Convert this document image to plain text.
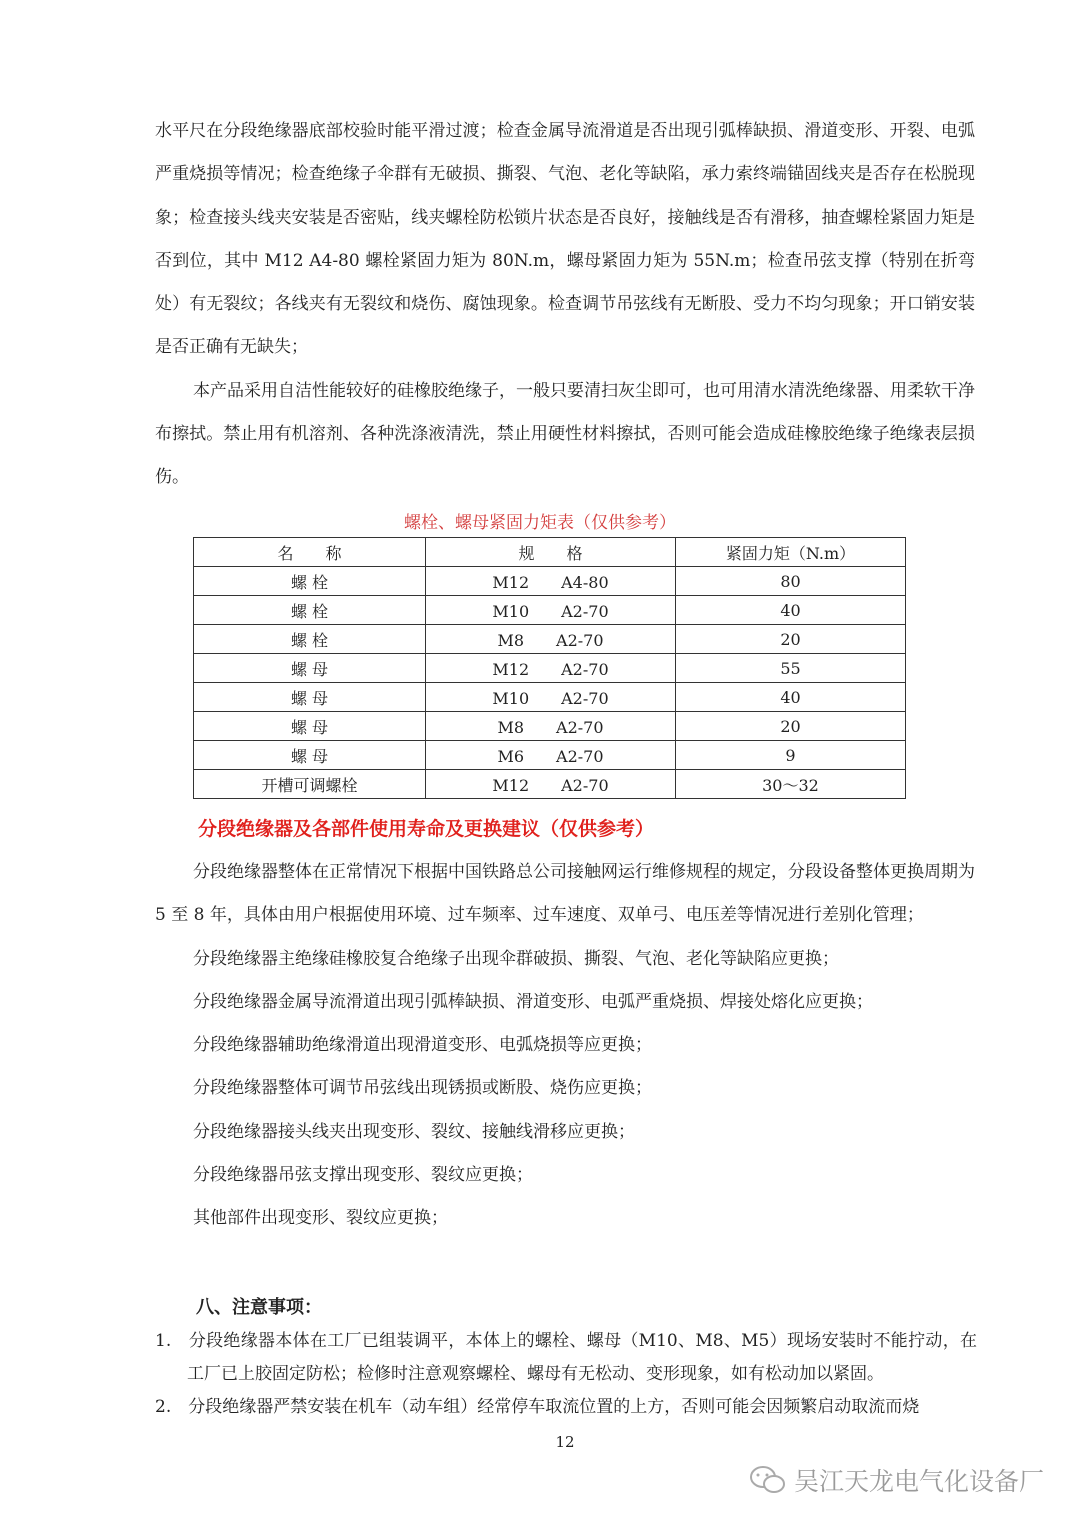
水平尺在分段绝缘器底部校验时能平滑过渡；检查金属导流滑道是否出现引弧棒缺损、滑道变形、开裂、电弧严重烧损等情况；检查绝缘子伞群有无破损、撕裂、气泡、老化等缺陷，承力索终端锚固线夹是否存在松脱现象；检查接头线夹安装是否密贴，线夹螺栓防松锁片状态是否良好，接触线是否有滑移，抽查螺栓紧固力矩是否到位，其中 M12 A4-80 螺栓紧固力矩为 80N.m，螺母紧固力矩为 55N.m；检查吊弦支撑（特别在折弯处）有无裂纹；各线夹有无裂纹和烧伤、腐蚀现象。检查调节吊弦线有无断股、受力不均匀现象；开口销安装是否正确有无缺失；

本产品采用自洁性能较好的硅橡胶绝缘子，一般只要清扫灰尘即可，也可用清水清洗绝缘器、用柔软干净布擦拭。禁止用有机溶剂、各种洗涤液清洗，禁止用硬性材料擦拭，否则可能会造成硅橡胶绝缘子绝缘表层损伤。

螺栓、螺母紧固力矩表（仅供参考）
名　　称	规　　格	紧固力矩（N.m）
螺 栓	M12　　A4-80	80
螺 栓	M10　　A2-70	40
螺 栓	M8　　A2-70	20
螺 母	M12　　A2-70	55
螺 母	M10　　A2-70	40
螺 母	M8　　A2-70	20
螺 母	M6　　A2-70	9
开槽可调螺栓	M12　　A2-70	30～32
分段绝缘器及各部件使用寿命及更换建议（仅供参考）

分段绝缘器整体在正常情况下根据中国铁路总公司接触网运行维修规程的规定，分段设备整体更换周期为 5 至 8 年，具体由用户根据使用环境、过车频率、过车速度、双单弓、电压差等情况进行差别化管理；

分段绝缘器主绝缘硅橡胶复合绝缘子出现伞群破损、撕裂、气泡、老化等缺陷应更换；

分段绝缘器金属导流滑道出现引弧棒缺损、滑道变形、电弧严重烧损、焊接处熔化应更换；

分段绝缘器辅助绝缘滑道出现滑道变形、电弧烧损等应更换；

分段绝缘器整体可调节吊弦线出现锈损或断股、烧伤应更换；

分段绝缘器接头线夹出现变形、裂纹、接触线滑移应更换；

分段绝缘器吊弦支撑出现变形、裂纹应更换；

其他部件出现变形、裂纹应更换；

八、注意事项：

1.　分段绝缘器本体在工厂已组装调平，本体上的螺栓、螺母（M10、M8、M5）现场安装时不能拧动，在工厂已上胶固定防松；检修时注意观察螺栓、螺母有无松动、变形现象，如有松动加以紧固。

2.　分段绝缘器严禁安装在机车（动车组）经常停车取流位置的上方，否则可能会因频繁启动取流而烧

12
吴江天龙电气化设备厂
